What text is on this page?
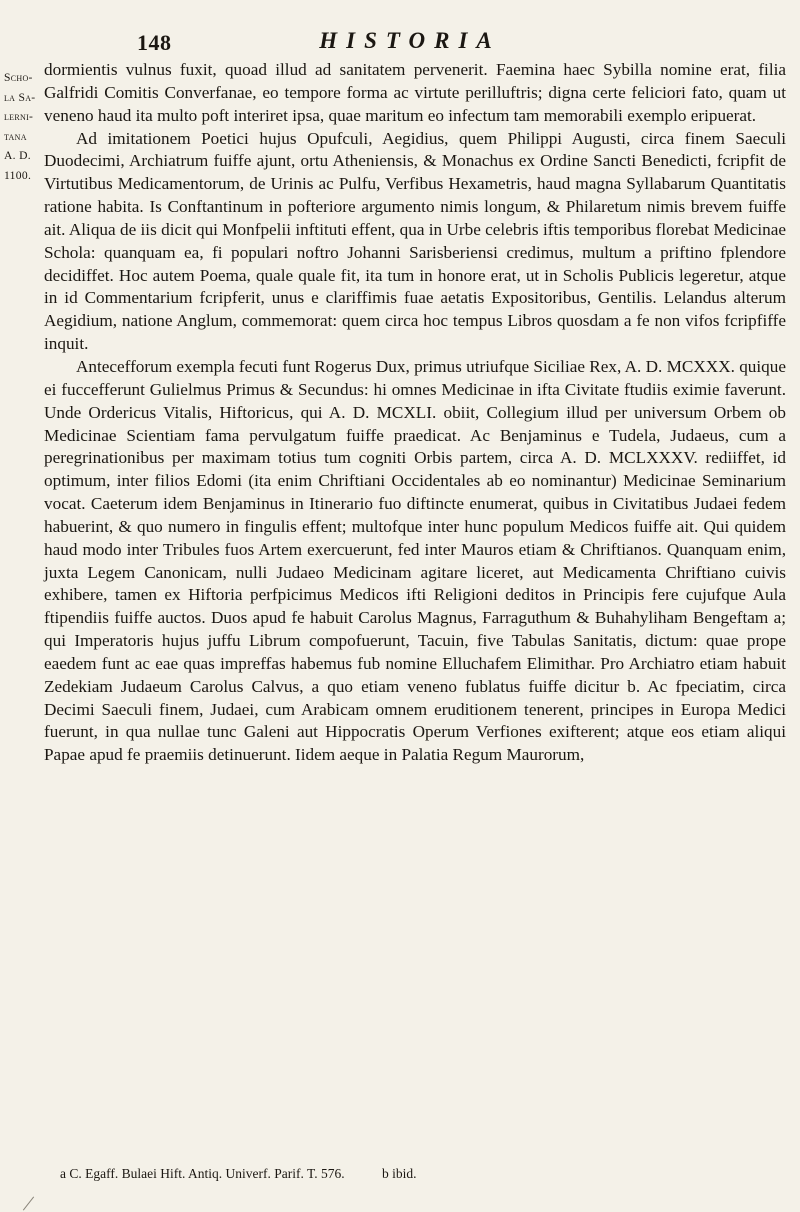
148	HISTORIA
Scho-
la Sa-
lerni-
tana
A. D.
1100.

dormientis vulnus fuxit, quoad illud ad sanitatem pervenerit. Faemina haec Sybilla nomine erat, filia Galfridi Comitis Converfanae, eo tempore forma ac virtute perilluftris; digna certe feliciori fato, quam ut veneno haud ita multo poft interiret ipsa, quae maritum eo infectum tam memorabili exemplo eripuerat.

Ad imitationem Poetici hujus Opufculi, Aegidius, quem Philippi Augusti, circa finem Saeculi Duodecimi, Archiatrum fuiffe ajunt, ortu Atheniensis, & Monachus ex Ordine Sancti Benedicti, fcripfit de Virtutibus Medicamentorum, de Urinis ac Pulfu, Verfibus Hexametris, haud magna Syllabarum Quantitatis ratione habita. Is Conftantinum in pofteriore argumento nimis longum, & Philaretum nimis brevem fuiffe ait. Aliqua de iis dicit qui Monfpelii inftituti effent, qua in Urbe celebris iftis temporibus florebat Medicinae Schola: quanquam ea, fi populari noftro Johanni Sarisberiensi credimus, multum a priftino fplendore decidiffet. Hoc autem Poema, quale quale fit, ita tum in honore erat, ut in Scholis Publicis legeretur, atque in id Commentarium fcripferit, unus e clariffimis fuae aetatis Expositoribus, Gentilis. Lelandus alterum Aegidium, natione Anglum, commemorat: quem circa hoc tempus Libros quosdam a fe non vifos fcripfiffe inquit.

Antecefforum exempla fecuti funt Rogerus Dux, primus utriufque Siciliae Rex, A. D. MCXXX. quique ei fuccefferunt Gulielmus Primus & Secundus: hi omnes Medicinae in ifta Civitate ftudiis eximie faverunt. Unde Ordericus Vitalis, Hiftoricus, qui A. D. MCXLI. obiit, Collegium illud per universum Orbem ob Medicinae Scientiam fama pervulgatum fuiffe praedicat. Ac Benjaminus e Tudela, Judaeus, cum a peregrinationibus per maximam totius tum cogniti Orbis partem, circa A. D. MCLXXXV. rediiffet, id optimum, inter filios Edomi (ita enim Chriftiani Occidentales ab eo nominantur) Medicinae Seminarium vocat. Caeterum idem Benjaminus in Itinerario fuo diftincte enumerat, quibus in Civitatibus Judaei fedem habuerint, & quo numero in fingulis effent; multofque inter hunc populum Medicos fuiffe ait. Qui quidem haud modo inter Tribules fuos Artem exercuerunt, fed inter Mauros etiam & Chriftianos. Quanquam enim, juxta Legem Canonicam, nulli Judaeo Medicinam agitare liceret, aut Medicamenta Chriftiano cuivis exhibere, tamen ex Hiftoria perfpicimus Medicos ifti Religioni deditos in Principis fere cujufque Aula ftipendiis fuiffe auctos. Duos apud fe habuit Carolus Magnus, Farraguthum & Buhahyliham Bengeftam a; qui Imperatoris hujus juffu Librum compofuerunt, Tacuin, five Tabulas Sanitatis, dictum: quae prope eaedem funt ac eae quas impreffas habemus fub nomine Elluchafem Elimithar. Pro Archiatro etiam habuit Zedekiam Judaeum Carolus Calvus, a quo etiam veneno fublatus fuiffe dicitur b. Ac fpeciatim, circa Decimi Saeculi finem, Judaei, cum Arabicam omnem eruditionem tenerent, principes in Europa Medici fuerunt, in qua nullae tunc Galeni aut Hippocratis Operum Verfiones exifterent; atque eos etiam aliqui Papae apud fe praemiis detinuerunt. Iidem aeque in Palatia Regum Maurorum,

a C. Egaff. Bulaei Hift. Antiq. Univerf. Parif. T. 576.	b ibid.
